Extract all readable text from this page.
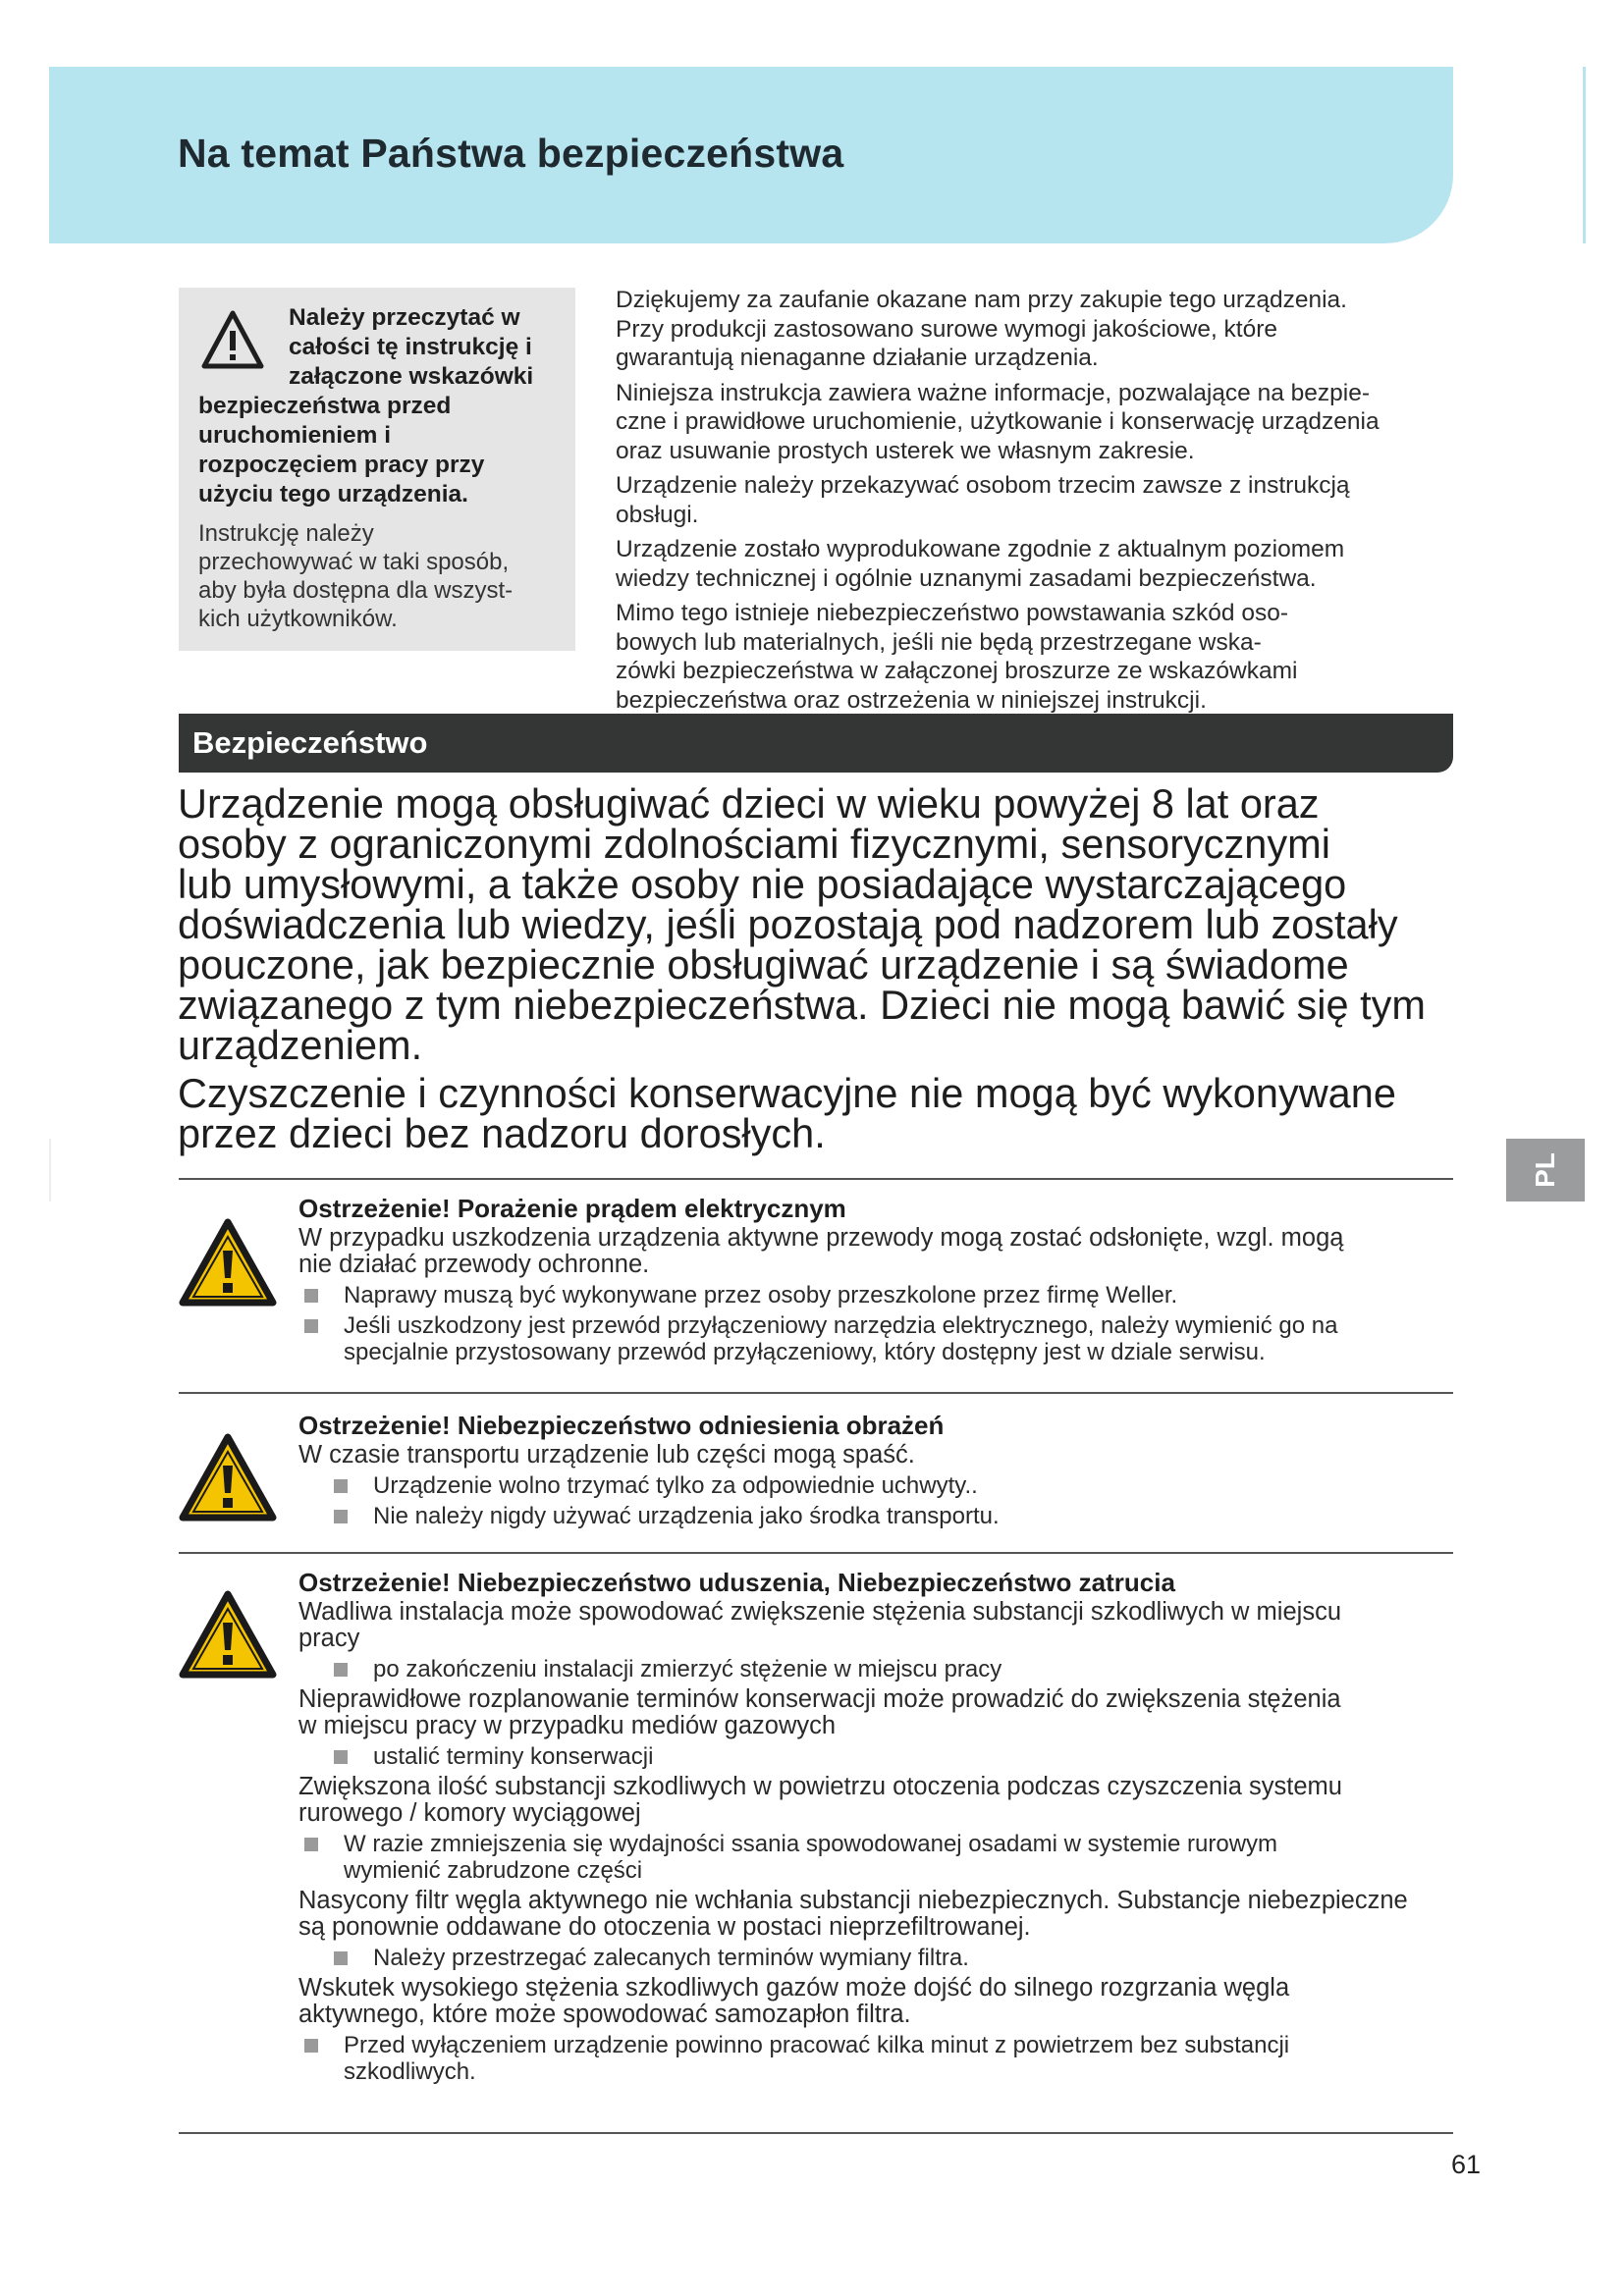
Na temat Państwa bezpieczeństwa

Należy przeczytać w
całości tę instrukcję i
załączone wskazówki
bezpieczeństwa przed
uruchomieniem i
rozpoczęciem pracy przy
użyciu tego urządzenia.

Instrukcję należy
przechowywać w taki sposób,
aby była dostępna dla wszyst-
kich użytkowników.

Dziękujemy za zaufanie okazane nam przy zakupie tego urządzenia.
Przy produkcji zastosowano surowe wymogi jakościowe, które
gwarantują nienaganne działanie urządzenia.

Niniejsza instrukcja zawiera ważne informacje, pozwalające na bezpie-
czne i prawidłowe uruchomienie, użytkowanie i konserwację urządzenia
oraz usuwanie prostych usterek we własnym zakresie.

Urządzenie należy przekazywać osobom trzecim zawsze z instrukcją
obsługi.

Urządzenie zostało wyprodukowane zgodnie z aktualnym poziomem
wiedzy technicznej i ogólnie uznanymi zasadami bezpieczeństwa.

Mimo tego istnieje niebezpieczeństwo powstawania szkód oso-
bowych lub materialnych, jeśli nie będą przestrzegane wska-
zówki bezpieczeństwa w załączonej broszurze ze wskazówkami
bezpieczeństwa oraz ostrzeżenia w niniejszej instrukcji.

Bezpieczeństwo

Urządzenie mogą obsługiwać dzieci w wieku powyżej 8 lat oraz
osoby z ograniczonymi zdolnościami fizycznymi, sensorycznymi
lub umysłowymi, a także osoby nie posiadające wystarczającego
doświadczenia lub wiedzy, jeśli pozostają pod nadzorem lub zostały
pouczone, jak bezpiecznie obsługiwać urządzenie i są świadome
związanego z tym niebezpieczeństwa. Dzieci nie mogą bawić się tym
urządzeniem.

Czyszczenie i czynności konserwacyjne nie mogą być wykonywane
przez dzieci bez nadzoru dorosłych.

Ostrzeżenie! Porażenie prądem elektrycznym

W przypadku uszkodzenia urządzenia aktywne przewody mogą zostać odsłonięte, wzgl. mogą
nie działać przewody ochronne.

Naprawy muszą być wykonywane przez osoby przeszkolone przez firmę Weller.

Jeśli uszkodzony jest przewód przyłączeniowy narzędzia elektrycznego, należy wymienić go na
specjalnie przystosowany przewód przyłączeniowy, który dostępny jest w dziale serwisu.

Ostrzeżenie! Niebezpieczeństwo odniesienia obrażeń

W czasie transportu urządzenie lub części mogą spaść.

Urządzenie wolno trzymać tylko za odpowiednie uchwyty..

Nie należy nigdy używać urządzenia jako środka transportu.

Ostrzeżenie! Niebezpieczeństwo uduszenia, Niebezpieczeństwo zatrucia

Wadliwa instalacja może spowodować zwiększenie stężenia substancji szkodliwych w miejscu
pracy

po zakończeniu instalacji zmierzyć stężenie w miejscu pracy

Nieprawidłowe rozplanowanie terminów konserwacji może prowadzić do zwiększenia stężenia
w miejscu pracy w przypadku mediów gazowych

ustalić terminy konserwacji

Zwiększona ilość substancji szkodliwych w powietrzu otoczenia podczas czyszczenia systemu
rurowego / komory wyciągowej

W razie zmniejszenia się wydajności ssania spowodowanej osadami w systemie rurowym
wymienić zabrudzone części

Nasycony filtr węgla aktywnego nie wchłania substancji niebezpiecznych. Substancje niebezpieczne
są ponownie oddawane do otoczenia w postaci nieprzefiltrowanej.

Należy przestrzegać zalecanych terminów wymiany filtra.

Wskutek wysokiego stężenia szkodliwych gazów może dojść do silnego rozgrzania węgla
aktywnego, które może spowodować samozapłon filtra.

Przed wyłączeniem urządzenie powinno pracować kilka minut z powietrzem bez substancji
szkodliwych.

PL

61
